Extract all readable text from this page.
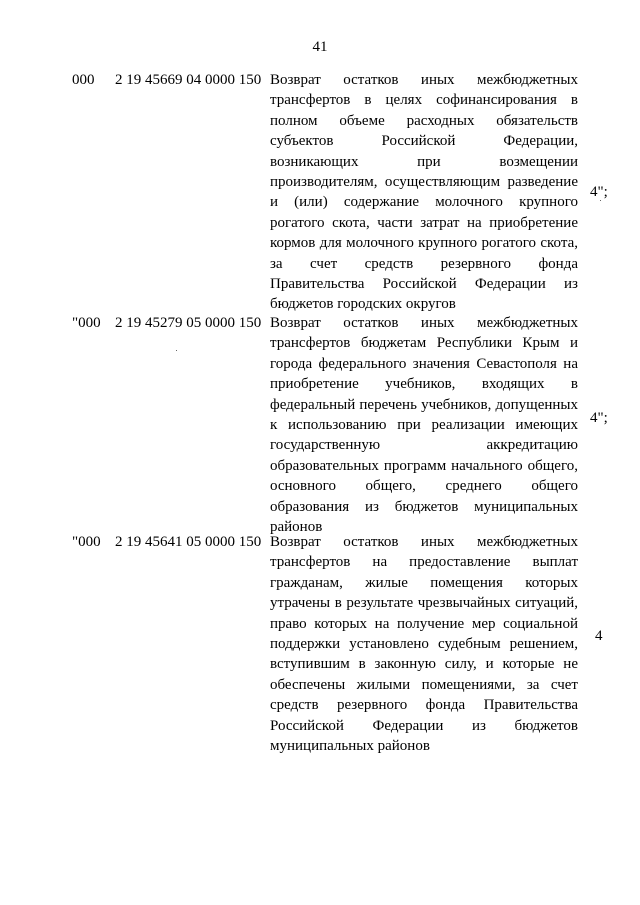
41
000 2 19 45669 04 0000 150 Возврат остатков иных межбюджетных
трансфертов в целях софинансирования в
полном объеме расходных обязательств
субъектов Российской Федерации,
возникающих при возмещении
производителям, осуществляющим разведение
и (или) содержание молочного крупного
рогатого скота, части затрат на приобретение
кормов для молочного крупного рогатого скота,
за счет средств резервного фонда
Правительства Российской Федерации из
бюджетов городских округов
4";
"000 2 19 45279 05 0000 150 Возврат остатков иных межбюджетных
трансфертов бюджетам Республики Крым и
города федерального значения Севастополя на
приобретение учебников, входящих в
федеральный перечень учебников, допущенных
к использованию при реализации имеющих
государственную аккредитацию
образовательных программ начального общего,
основного общего, среднего общего
образования из бюджетов муниципальных
районов
4";
"000 2 19 45641 05 0000 150 Возврат остатков иных межбюджетных
трансфертов на предоставление выплат
гражданам, жилые помещения которых
утрачены в результате чрезвычайных ситуаций,
право которых на получение мер социальной
поддержки установлено судебным решением,
вступившим в законную силу, и которые не
обеспечены жилыми помещениями, за счет
средств резервного фонда Правительства
Российской Федерации из бюджетов
муниципальных районов
4
